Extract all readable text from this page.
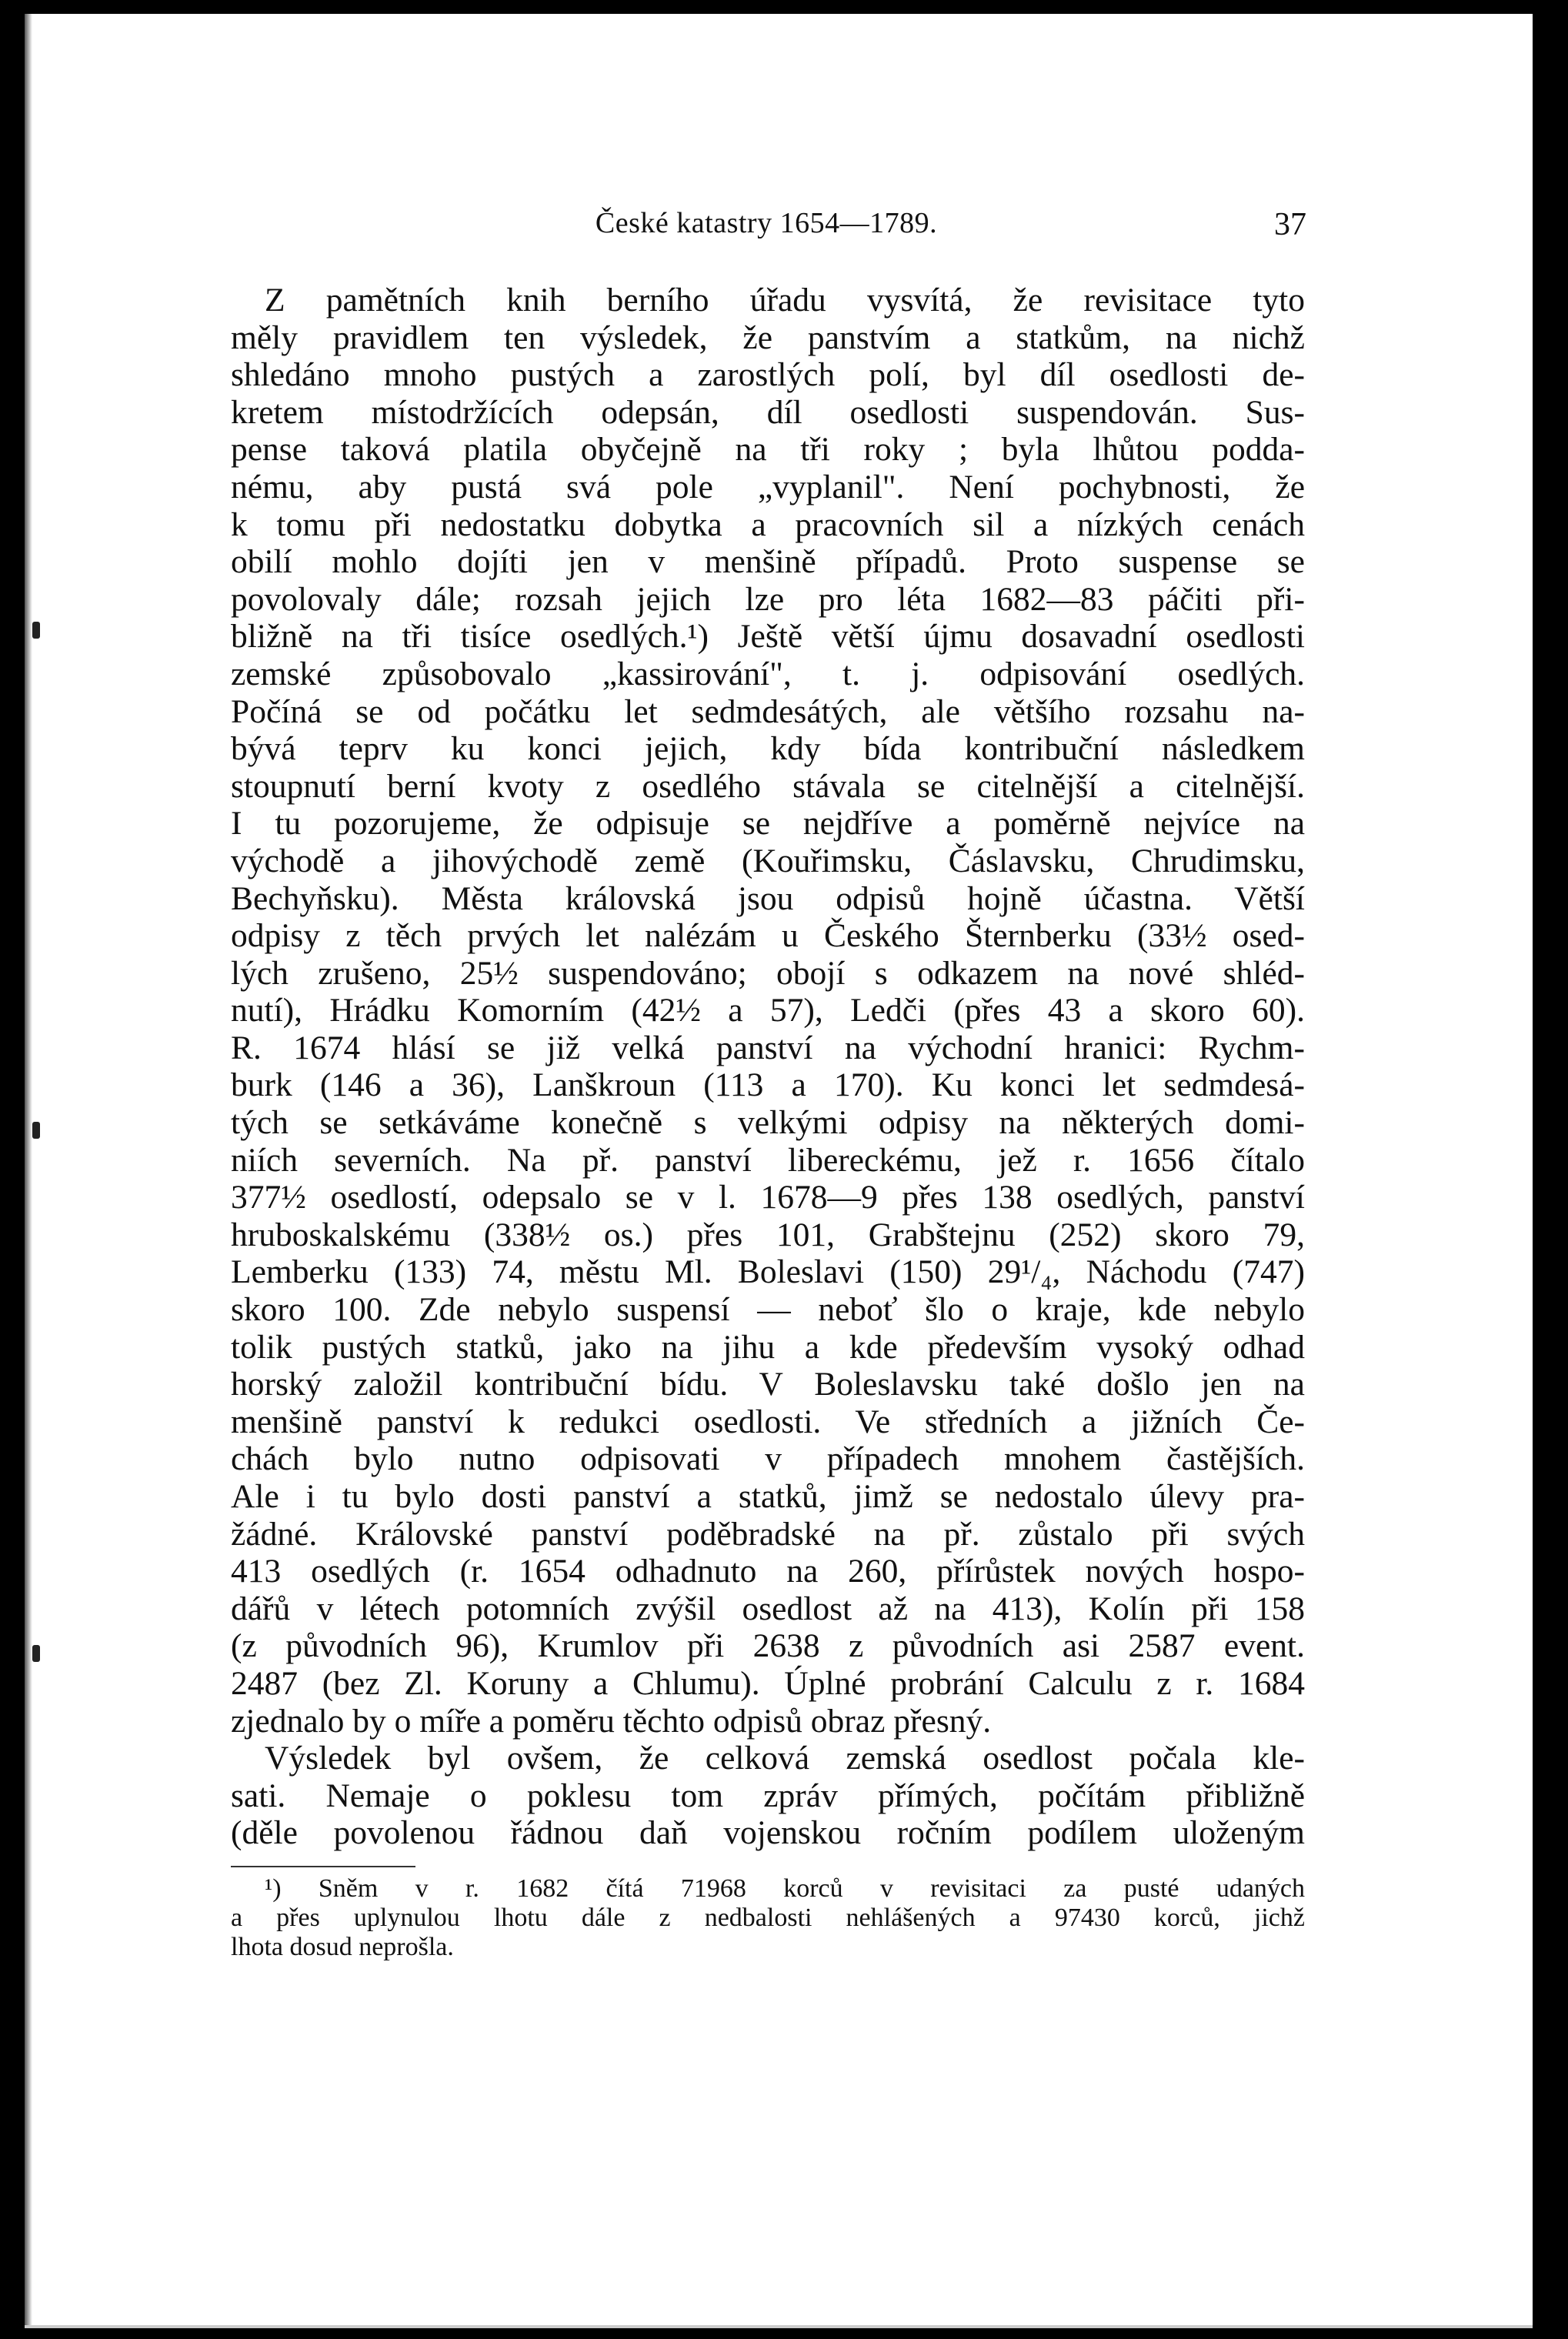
České katastry 1654—1789.	37
Z pamětních knih berního úřadu vysvítá, že revisitace tyto
měly pravidlem ten výsledek, že panstvím a statkům, na nichž
shledáno mnoho pustých a zarostlých polí, byl díl osedlosti de-
kretem místodržících odepsán, díl osedlosti suspendován. Sus-
pense taková platila obyčejně na tři roky ; byla lhůtou podda-
nému, aby pustá svá pole „vyplanil". Není pochybnosti, že
k tomu při nedostatku dobytka a pracovních sil a nízkých cenách
obilí mohlo dojíti jen v menšině případů. Proto suspense se
povolovaly dále; rozsah jejich lze pro léta 1682—83 páčiti při-
bližně na tři tisíce osedlých.¹) Ještě větší újmu dosavadní osedlosti
zemské způsobovalo „kassirování", t. j. odpisování osedlých.
Počíná se od počátku let sedmdesátých, ale většího rozsahu na-
bývá teprv ku konci jejich, kdy bída kontribuční následkem
stoupnutí berní kvoty z osedlého stávala se citelnější a citelnější.
I tu pozorujeme, že odpisuje se nejdříve a poměrně nejvíce na
východě a jihovýchodě země (Kouřimsku, Čáslavsku, Chrudimsku,
Bechyňsku). Města královská jsou odpisů hojně účastna. Větší
odpisy z těch prvých let nalézám u Českého Šternberku (33½ osed-
lých zrušeno, 25½ suspendováno; obojí s odkazem na nové shléd-
nutí), Hrádku Komorním (42½ a 57), Ledči (přes 43 a skoro 60).
R. 1674 hlásí se již velká panství na východní hranici: Rychm-
burk (146 a 36), Lanškroun (113 a 170). Ku konci let sedmdesá-
tých se setkáváme konečně s velkými odpisy na některých domi-
niích severních. Na př. panství libereckému, jež r. 1656 čítalo
377½ osedlostí, odepsalo se v l. 1678—9 přes 138 osedlých, panství
hruboskalskému (338½ os.) přes 101, Grabštejnu (252) skoro 79,
Lemberku (133) 74, městu Ml. Boleslavi (150) 29¹/₄, Náchodu (747)
skoro 100. Zde nebylo suspensí — neboť šlo o kraje, kde nebylo
tolik pustých statků, jako na jihu a kde především vysoký odhad
horský založil kontribuční bídu. V Boleslavsku také došlo jen na
menšině panství k redukci osedlosti. Ve středních a jižních Če-
chách bylo nutno odpisovati v případech mnohem častějších.
Ale i tu bylo dosti panství a statků, jimž se nedostalo úlevy pra-
žádné. Královské panství poděbradské na př. zůstalo při svých
413 osedlých (r. 1654 odhadnuto na 260, přírůstek nových hospo-
dářů v létech potomních zvýšil osedlost až na 413), Kolín při 158
(z původních 96), Krumlov při 2638 z původních asi 2587 event.
2487 (bez Zl. Koruny a Chlumu). Úplné probrání Calculu z r. 1684
zjednalo by o míře a poměru těchto odpisů obraz přesný.
Výsledek byl ovšem, že celková zemská osedlost počala kle-
sati. Nemaje o poklesu tom zpráv přímých, počítám přibližně
(děle povolenou řádnou daň vojenskou ročním podílem uloženým
¹) Sněm v r. 1682 čítá 71968 korců v revisitaci za pusté udaných
a přes uplynulou lhotu dále z nedbalosti nehlášených a 97430 korců, jichž
lhota dosud neprošla.
